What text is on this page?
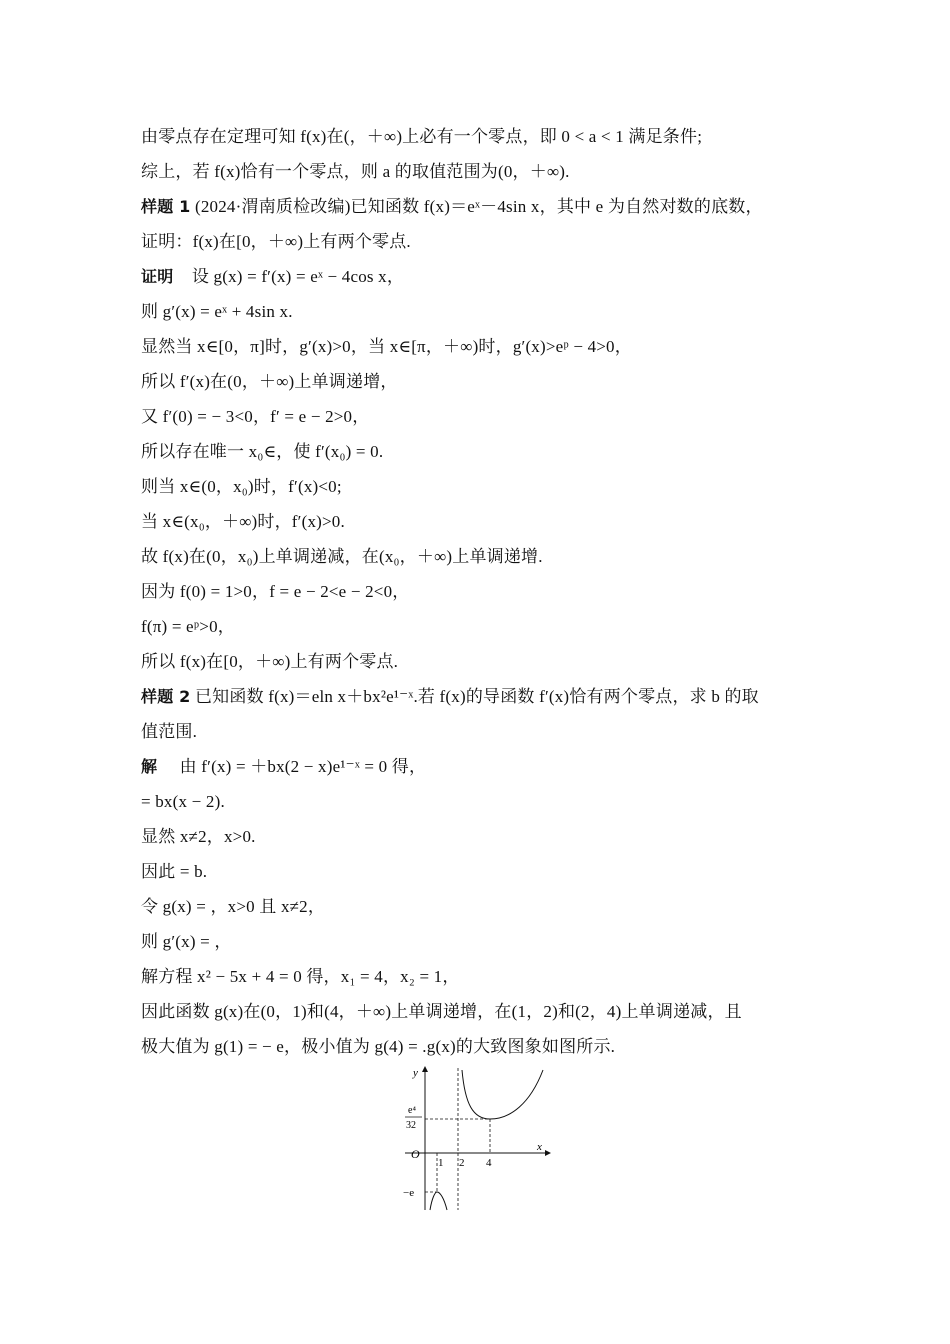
由零点存在定理可知 f(x)在(，＋∞)上必有一个零点，即 0 < a < 1 满足条件;
综上，若 f(x)恰有一个零点，则 a 的取值范围为(0，＋∞).
样题 1 (2024·渭南质检改编)已知函数 f(x)＝eˣ－4sin x，其中 e 为自然对数的底数，
证明：f(x)在[0，＋∞)上有两个零点.
证明 设 g(x) = f′(x) = eˣ − 4cos x，
则 g′(x) = eˣ + 4sin x.
显然当 x∈[0，π]时，g′(x)>0，当 x∈[π，＋∞)时，g′(x)>eᵖ − 4>0，
所以 f′(x)在(0，＋∞)上单调递增，
又 f′(0) = − 3<0，f′ = e − 2>0，
所以存在唯一 x₀∈，使 f′(x₀) = 0.
则当 x∈(0，x₀)时，f′(x)<0;
当 x∈(x₀，＋∞)时，f′(x)>0.
故 f(x)在(0，x₀)上单调递减，在(x₀，＋∞)上单调递增.
因为 f(0) = 1>0，f = e − 2<e − 2<0，
f(π) = eᵖ>0，
所以 f(x)在[0，＋∞)上有两个零点.
样题 2 已知函数 f(x)＝eln x＋bx²e¹⁻ˣ.若 f(x)的导函数 f′(x)恰有两个零点，求 b 的取
值范围.
解 由 f′(x) = ＋bx(2 − x)e¹⁻ˣ = 0 得，
= bx(x − 2).
显然 x≠2，x>0.
因此 = b.
令 g(x) = ，x>0 且 x≠2，
则 g′(x) = ，
解方程 x² − 5x + 4 = 0 得，x₁ = 4，x₂ = 1，
因此函数 g(x)在(0，1)和(4，＋∞)上单调递增，在(1，2)和(2，4)上单调递减，且
极大值为 g(1) = − e，极小值为 g(4) = .g(x)的大致图象如图所示.
y
x
O
e⁴
32
−e
1 2 4
